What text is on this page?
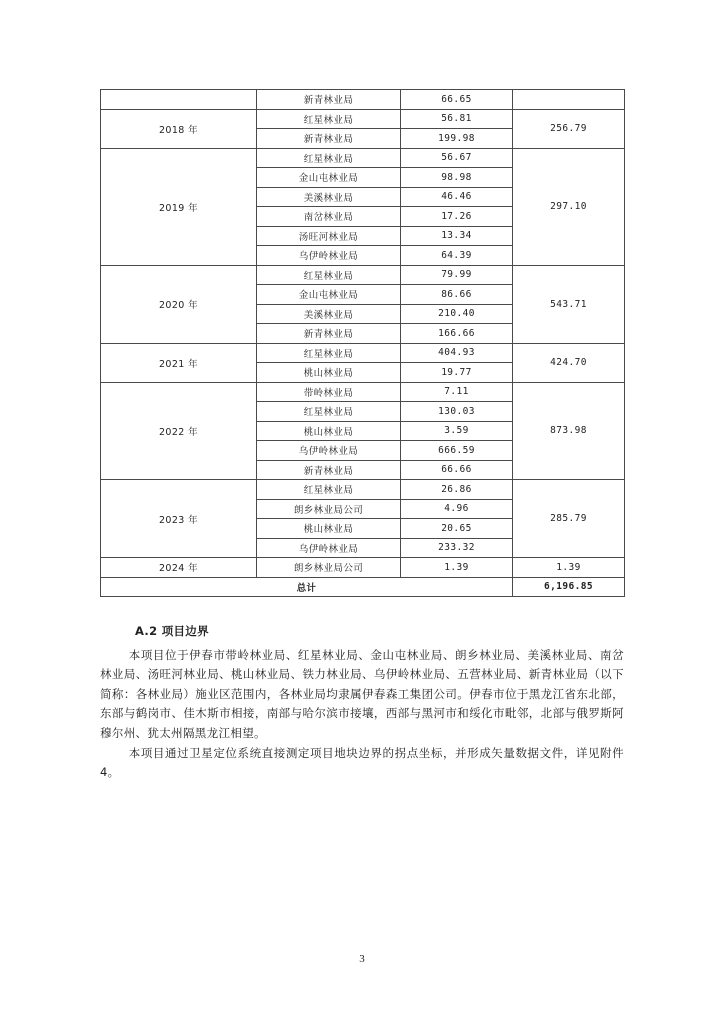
	新青林业局	66.65	
2018 年	红星林业局	56.81	256.79
	新青林业局	199.98	
2019 年	红星林业局	56.67	297.10
	金山屯林业局	98.98	
	美溪林业局	46.46	
	南岔林业局	17.26	
	汤旺河林业局	13.34	
	乌伊岭林业局	64.39	
2020 年	红星林业局	79.99	543.71
	金山屯林业局	86.66	
	美溪林业局	210.40	
	新青林业局	166.66	
2021 年	红星林业局	404.93	424.70
	桃山林业局	19.77	
2022 年	带岭林业局	7.11	873.98
	红星林业局	130.03	
	桃山林业局	3.59	
	乌伊岭林业局	666.59	
	新青林业局	66.66	
2023 年	红星林业局	26.86	285.79
	朗乡林业局公司	4.96	
	桃山林业局	20.65	
	乌伊岭林业局	233.32	
2024 年	朗乡林业局公司	1.39	1.39
总计			6,196.85
A.2 项目边界

本项目位于伊春市带岭林业局、红星林业局、金山屯林业局、朗乡林业局、美溪林业局、南岔林业局、汤旺河林业局、桃山林业局、铁力林业局、乌伊岭林业局、五营林业局、新青林业局（以下简称：各林业局）施业区范围内，各林业局均隶属伊春森工集团公司。伊春市位于黑龙江省东北部，东部与鹤岗市、佳木斯市相接，南部与哈尔滨市接壤，西部与黑河市和绥化市毗邻，北部与俄罗斯阿穆尔州、犹太州隔黑龙江相望。

本项目通过卫星定位系统直接测定项目地块边界的拐点坐标，并形成矢量数据文件，详见附件 4。

3
